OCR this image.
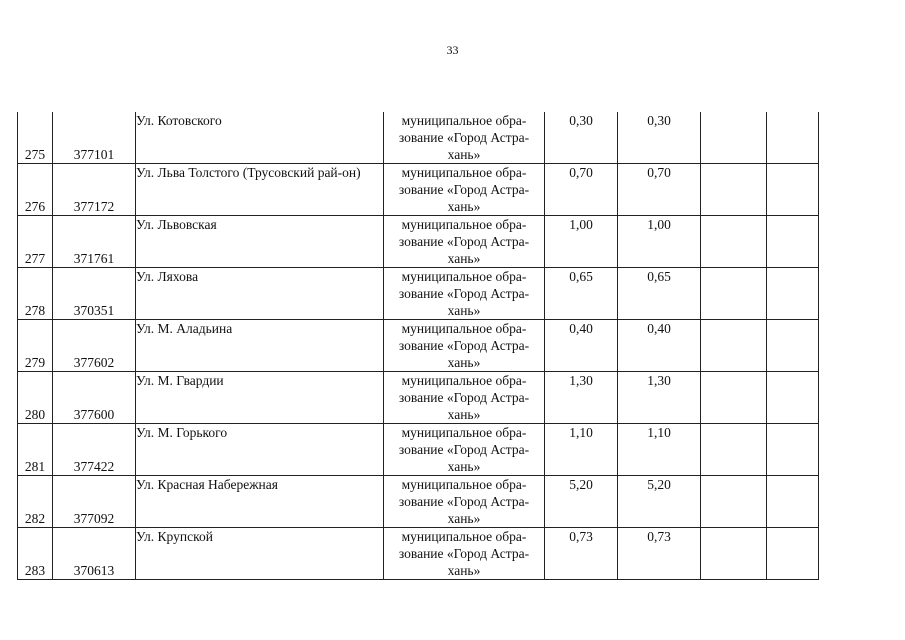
33
275	377101	Ул. Котовского	муниципальное обра-
зование «Город Астра-
хань»	0,30	0,30		
276	377172	Ул. Льва Толстого (Трусовский рай-он)	муниципальное обра-
зование «Город Астра-
хань»	0,70	0,70		
277	371761	Ул. Львовская	муниципальное обра-
зование «Город Астра-
хань»	1,00	1,00		
278	370351	Ул. Ляхова	муниципальное обра-
зование «Город Астра-
хань»	0,65	0,65		
279	377602	Ул. М. Аладьина	муниципальное обра-
зование «Город Астра-
хань»	0,40	0,40		
280	377600	Ул. М. Гвардии	муниципальное обра-
зование «Город Астра-
хань»	1,30	1,30		
281	377422	Ул. М. Горького	муниципальное обра-
зование «Город Астра-
хань»	1,10	1,10		
282	377092	Ул. Красная Набережная	муниципальное обра-
зование «Город Астра-
хань»	5,20	5,20		
283	370613	Ул. Крупской	муниципальное обра-
зование «Город Астра-
хань»	0,73	0,73		
